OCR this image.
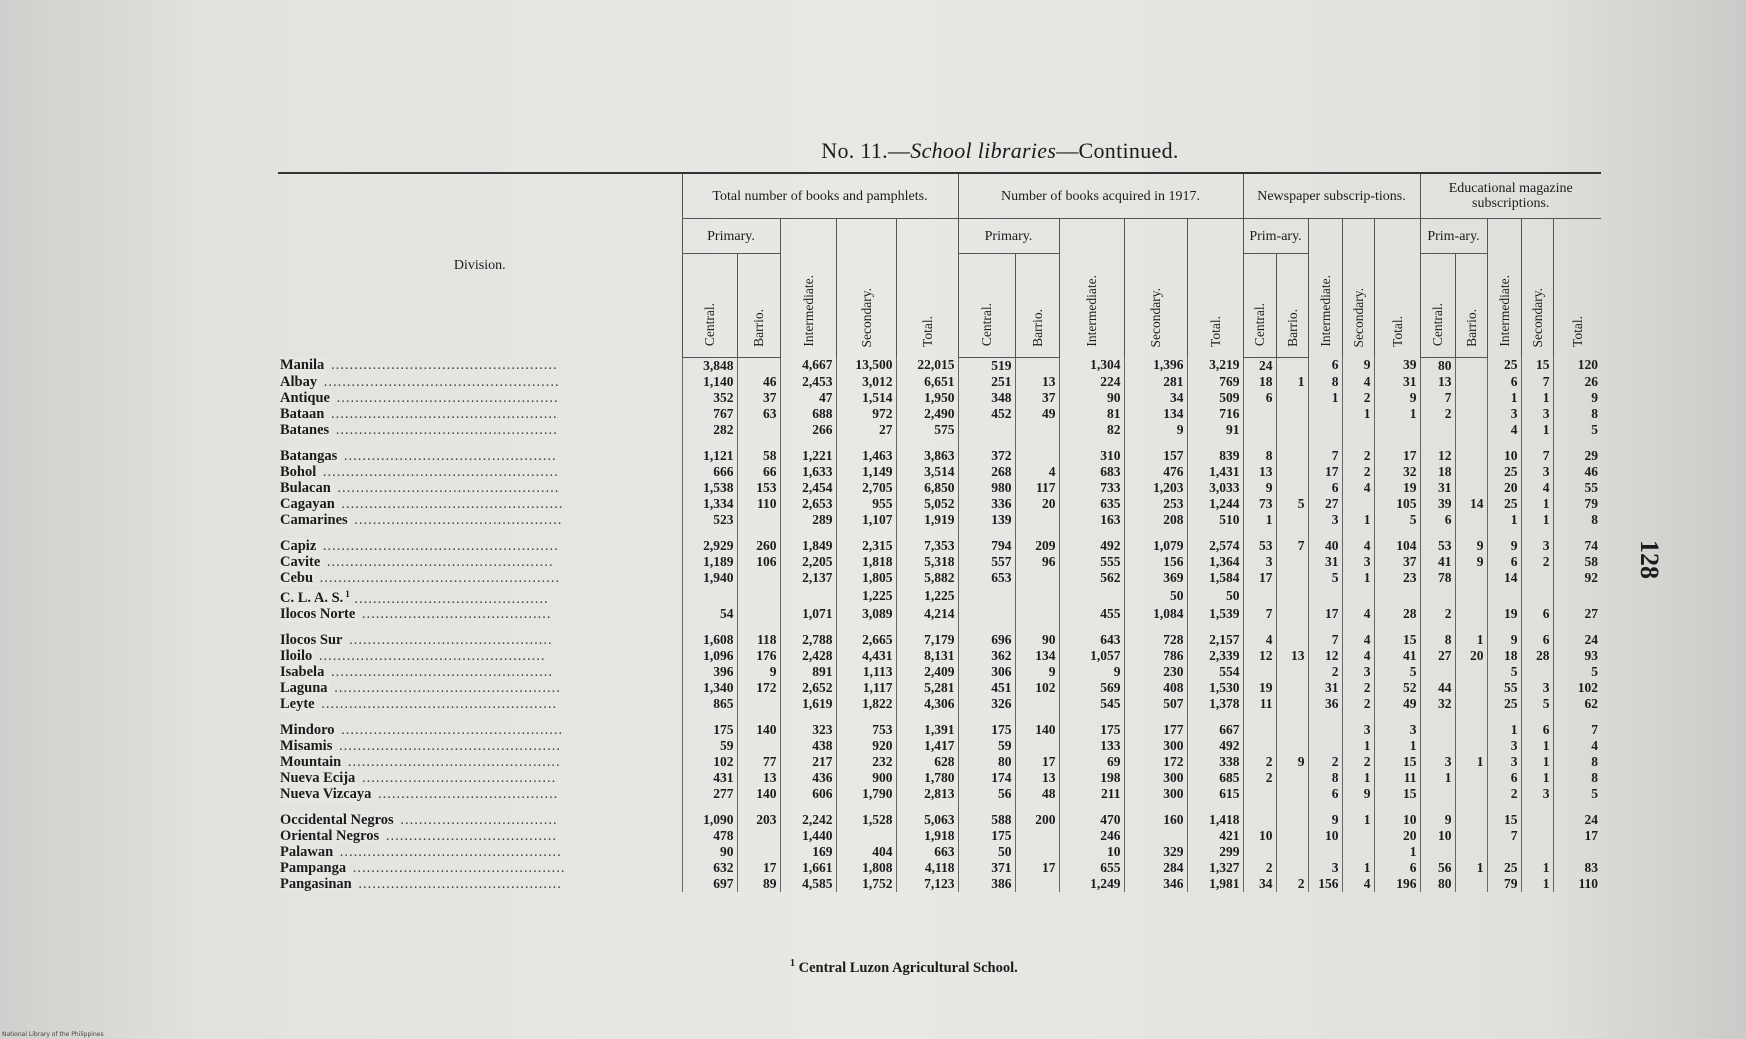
No. 11.—School libraries—Continued.
128
Division.	Total number of books and pamphlets.					Number of books acquired in 1917.					Newspaper subscrip-tions.					Educational magazine subscriptions.				
	Primary.		Intermediate.	Secondary.	Total.	Primary.		Intermediate.	Secondary.	Total.	Prim-ary.		Intermediate.	Secondary.	Total.	Prim-ary.		Intermediate.	Secondary.	Total.
	Central.	Barrio.				Central.	Barrio.				Central.	Barrio.				Central.	Barrio.			
Manila .................................................	3,848		4,667	13,500	22,015	519		1,304	1,396	3,219	24		6	9	39	80		25	15	120
Albay ...................................................	1,140	46	2,453	3,012	6,651	251	13	224	281	769	18	1	8	4	31	13		6	7	26
Antique ................................................	352	37	47	1,514	1,950	348	37	90	34	509	6		1	2	9	7		1	1	9
Bataan .................................................	767	63	688	972	2,490	452	49	81	134	716				1	1	2		3	3	8
Batanes ................................................	282		266	27	575			82	9	91								4	1	5

Batangas ..............................................	1,121	58	1,221	1,463	3,863	372		310	157	839	8		7	2	17	12		10	7	29
Bohol ...................................................	666	66	1,633	1,149	3,514	268	4	683	476	1,431	13		17	2	32	18		25	3	46
Bulacan ................................................	1,538	153	2,454	2,705	6,850	980	117	733	1,203	3,033	9		6	4	19	31		20	4	55
Cagayan ................................................	1,334	110	2,653	955	5,052	336	20	635	253	1,244	73	5	27		105	39	14	25	1	79
Camarines .............................................	523		289	1,107	1,919	139		163	208	510	1		3	1	5	6		1	1	8

Capiz ...................................................	2,929	260	1,849	2,315	7,353	794	209	492	1,079	2,574	53	7	40	4	104	53	9	9	3	74
Cavite .................................................	1,189	106	2,205	1,818	5,318	557	96	555	156	1,364	3		31	3	37	41	9	6	2	58
Cebu ....................................................	1,940		2,137	1,805	5,882	653		562	369	1,584	17		5	1	23	78		14		92
C. L. A. S. $^1$ ..........................................				1,225	1,225				50	50										
Ilocos Norte .........................................	54		1,071	3,089	4,214			455	1,084	1,539	7		17	4	28	2		19	6	27

Ilocos Sur ............................................	1,608	118	2,788	2,665	7,179	696	90	643	728	2,157	4		7	4	15	8	1	9	6	24
Iloilo .................................................	1,096	176	2,428	4,431	8,131	362	134	1,057	786	2,339	12	13	12	4	41	27	20	18	28	93
Isabela ................................................	396	9	891	1,113	2,409	306	9	9	230	554			2	3	5			5		5
Laguna .................................................	1,340	172	2,652	1,117	5,281	451	102	569	408	1,530	19		31	2	52	44		55	3	102
Leyte ...................................................	865		1,619	1,822	4,306	326		545	507	1,378	11		36	2	49	32		25	5	62

Mindoro ................................................	175	140	323	753	1,391	175	140	175	177	667				3	3			1	6	7
Misamis ................................................	59		438	920	1,417	59		133	300	492				1	1			3	1	4
Mountain ..............................................	102	77	217	232	628	80	17	69	172	338	2	9	2	2	15	3	1	3	1	8
Nueva Ecija ..........................................	431	13	436	900	1,780	174	13	198	300	685	2		8	1	11	1		6	1	8
Nueva Vizcaya .......................................	277	140	606	1,790	2,813	56	48	211	300	615			6	9	15			2	3	5

Occidental Negros ..................................	1,090	203	2,242	1,528	5,063	588	200	470	160	1,418			9	1	10	9		15		24
Oriental Negros .....................................	478		1,440		1,918	175		246		421	10		10		20	10		7		17
Palawan ................................................	90		169	404	663	50		10	329	299					1					
Pampanga ..............................................	632	17	1,661	1,808	4,118	371	17	655	284	1,327	2		3	1	6	56	1	25	1	83
Pangasinan ............................................	697	89	4,585	1,752	7,123	386		1,249	346	1,981	34	2	156	4	196	80		79	1	110
$^1$ Central Luzon Agricultural School.
National Library of the Philippines
